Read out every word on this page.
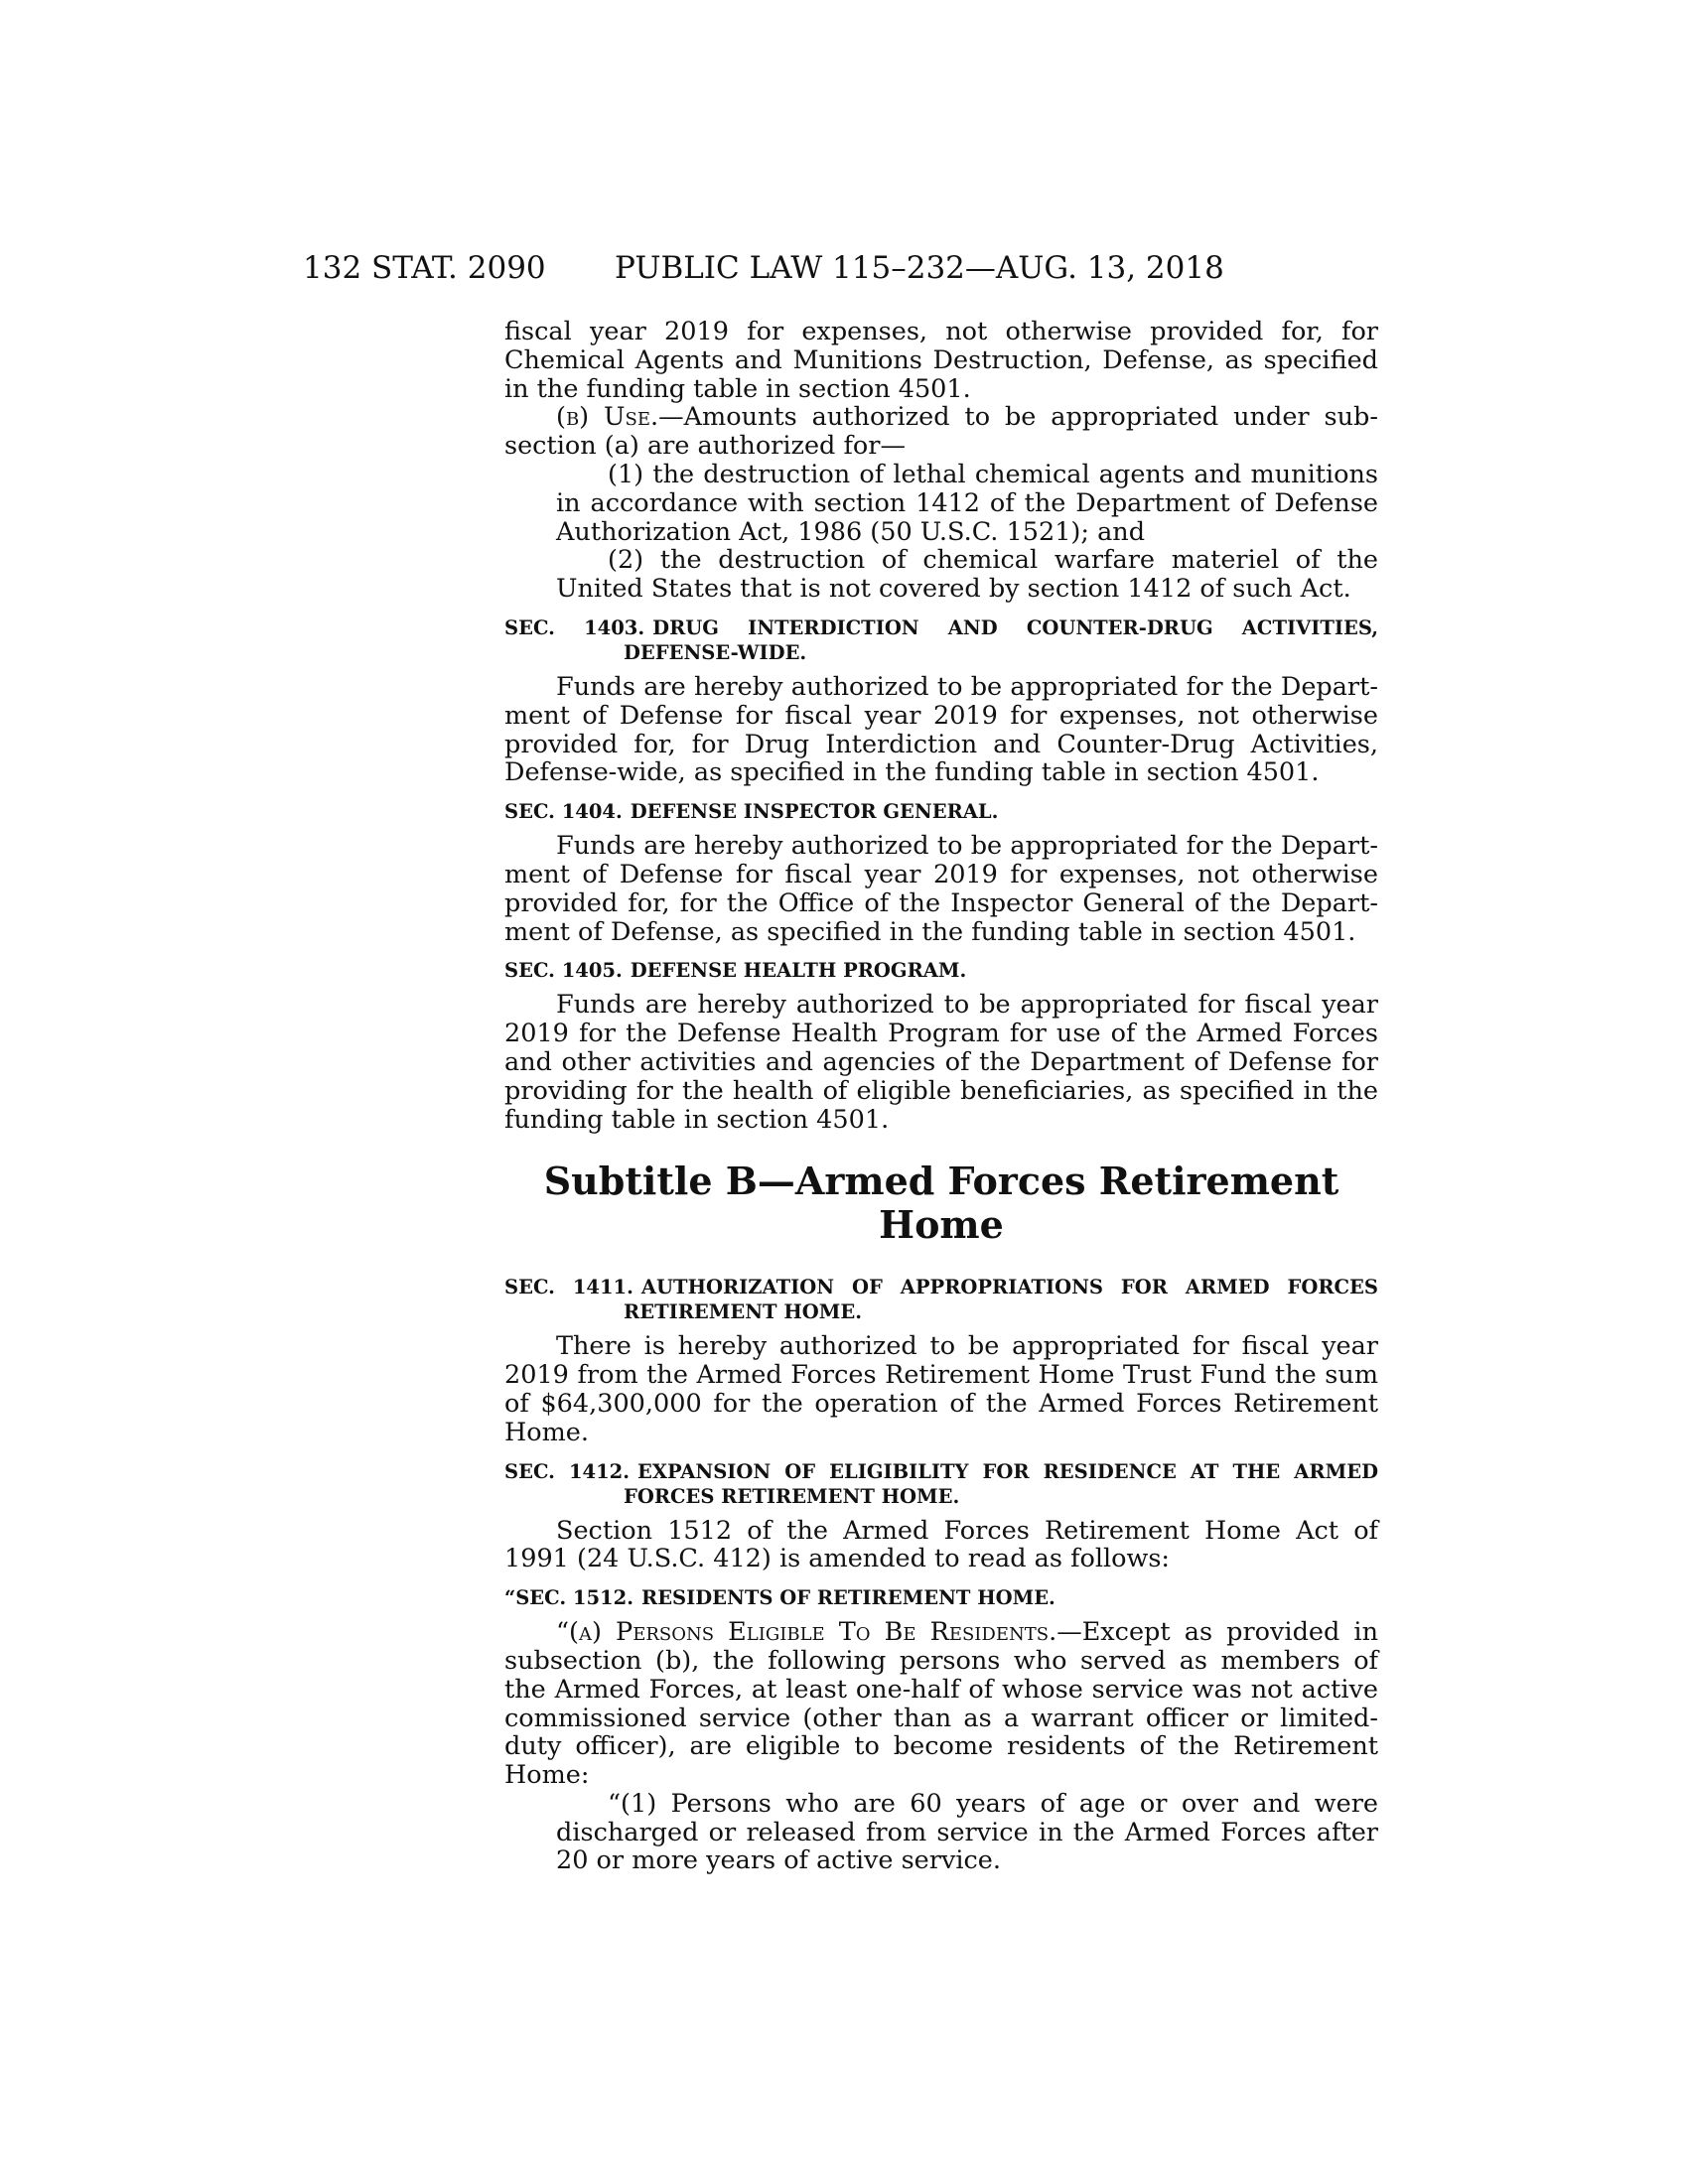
132 STAT. 2090 PUBLIC LAW 115–232—AUG. 13, 2018

fiscal year 2019 for expenses, not otherwise provided for, for Chemical Agents and Munitions Destruction, Defense, as specified in the funding table in section 4501.

(b) Use.—Amounts authorized to be appropriated under subsection (a) are authorized for—

(1) the destruction of lethal chemical agents and munitions in accordance with section 1412 of the Department of Defense Authorization Act, 1986 (50 U.S.C. 1521); and

(2) the destruction of chemical warfare materiel of the United States that is not covered by section 1412 of such Act.

SEC. 1403. DRUG INTERDICTION AND COUNTER-DRUG ACTIVITIES, DEFENSE-WIDE.

Funds are hereby authorized to be appropriated for the Department of Defense for fiscal year 2019 for expenses, not otherwise provided for, for Drug Interdiction and Counter-Drug Activities, Defense-wide, as specified in the funding table in section 4501.

SEC. 1404. DEFENSE INSPECTOR GENERAL.

Funds are hereby authorized to be appropriated for the Department of Defense for fiscal year 2019 for expenses, not otherwise provided for, for the Office of the Inspector General of the Department of Defense, as specified in the funding table in section 4501.

SEC. 1405. DEFENSE HEALTH PROGRAM.

Funds are hereby authorized to be appropriated for fiscal year 2019 for the Defense Health Program for use of the Armed Forces and other activities and agencies of the Department of Defense for providing for the health of eligible beneficiaries, as specified in the funding table in section 4501.

Subtitle B—Armed Forces Retirement
Home
SEC. 1411. AUTHORIZATION OF APPROPRIATIONS FOR ARMED FORCES RETIREMENT HOME.

There is hereby authorized to be appropriated for fiscal year 2019 from the Armed Forces Retirement Home Trust Fund the sum of $64,300,000 for the operation of the Armed Forces Retirement Home.

SEC. 1412. EXPANSION OF ELIGIBILITY FOR RESIDENCE AT THE ARMED FORCES RETIREMENT HOME.

Section 1512 of the Armed Forces Retirement Home Act of 1991 (24 U.S.C. 412) is amended to read as follows:

“SEC. 1512. RESIDENTS OF RETIREMENT HOME.

“(a) Persons Eligible To Be Residents.—Except as provided in subsection (b), the following persons who served as members of the Armed Forces, at least one-half of whose service was not active commissioned service (other than as a warrant officer or limited-duty officer), are eligible to become residents of the Retirement Home:

“(1) Persons who are 60 years of age or over and were discharged or released from service in the Armed Forces after 20 or more years of active service.
